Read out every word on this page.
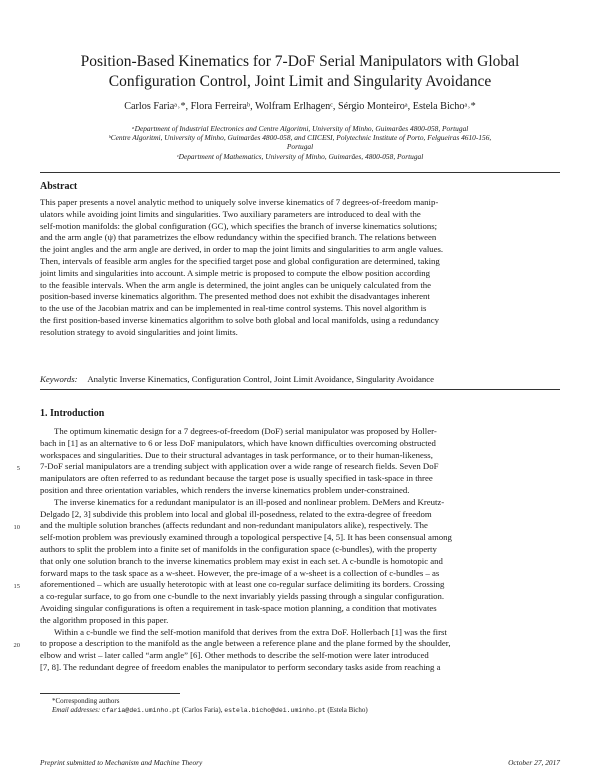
Position-Based Kinematics for 7-DoF Serial Manipulators with Global
Configuration Control, Joint Limit and Singularity Avoidance
Carlos Fariaᵃ˒*, Flora Ferreiraᵇ, Wolfram Erlhagenᶜ, Sérgio Monteiroᵃ, Estela Bichoᵃ˒*
ᵃDepartment of Industrial Electronics and Centre Algoritmi, University of Minho, Guimarães 4800-058, Portugal
ᵇCentre Algoritmi, University of Minho, Guimarães 4800-058, and CIICESI, Polytechnic Institute of Porto, Felgueiras 4610-156,
Portugal
ᶜDepartment of Mathematics, University of Minho, Guimarães, 4800-058, Portugal
Abstract
This paper presents a novel analytic method to uniquely solve inverse kinematics of 7 degrees-of-freedom manip-
ulators while avoiding joint limits and singularities. Two auxiliary parameters are introduced to deal with the
self-motion manifolds: the global configuration (GC), which specifies the branch of inverse kinematics solutions;
and the arm angle (ψ) that parametrizes the elbow redundancy within the specified branch. The relations between
the joint angles and the arm angle are derived, in order to map the joint limits and singularities to arm angle values.
Then, intervals of feasible arm angles for the specified target pose and global configuration are determined, taking
joint limits and singularities into account. A simple metric is proposed to compute the elbow position according
to the feasible intervals. When the arm angle is determined, the joint angles can be uniquely calculated from the
position-based inverse kinematics algorithm. The presented method does not exhibit the disadvantages inherent
to the use of the Jacobian matrix and can be implemented in real-time control systems. This novel algorithm is
the first position-based inverse kinematics algorithm to solve both global and local manifolds, using a redundancy
resolution strategy to avoid singularities and joint limits.
Keywords: Analytic Inverse Kinematics, Configuration Control, Joint Limit Avoidance, Singularity Avoidance
1. Introduction
The optimum kinematic design for a 7 degrees-of-freedom (DoF) serial manipulator was proposed by Holler-
bach in [1] as an alternative to 6 or less DoF manipulators, which have known difficulties overcoming obstructed
workspaces and singularities. Due to their structural advantages in task performance, or to their human-likeness,
7-DoF serial manipulators are a trending subject with application over a wide range of research fields. Seven DoF
manipulators are often referred to as redundant because the target pose is usually specified in task-space in three
position and three orientation variables, which renders the inverse kinematics problem under-constrained.
The inverse kinematics for a redundant manipulator is an ill-posed and nonlinear problem. DeMers and Kreutz-
Delgado [2, 3] subdivide this problem into local and global ill-posedness, related to the extra-degree of freedom
and the multiple solution branches (affects redundant and non-redundant manipulators alike), respectively. The
self-motion problem was previously examined through a topological perspective [4, 5]. It has been consensual among
authors to split the problem into a finite set of manifolds in the configuration space (c-bundles), with the property
that only one solution branch to the inverse kinematics problem may exist in each set. A c-bundle is homotopic and
forward maps to the task space as a w-sheet. However, the pre-image of a w-sheet is a collection of c-bundles – as
aforementioned – which are usually heterotopic with at least one co-regular surface delimiting its borders. Crossing
a co-regular surface, to go from one c-bundle to the next invariably yields passing through a singular configuration.
Avoiding singular configurations is often a requirement in task-space motion planning, a condition that motivates
the algorithm proposed in this paper.
Within a c-bundle we find the self-motion manifold that derives from the extra DoF. Hollerbach [1] was the first
to propose a description to the manifold as the angle between a reference plane and the plane formed by the shoulder,
elbow and wrist – later called “arm angle” [6]. Other methods to describe the self-motion were later introduced
[7, 8]. The redundant degree of freedom enables the manipulator to perform secondary tasks aside from reaching a
5
10
15
20
*Corresponding authors
Email addresses: cfaria@dei.uminho.pt (Carlos Faria), estela.bicho@dei.uminho.pt (Estela Bicho)
Preprint submitted to Mechanism and Machine Theory	October 27, 2017
